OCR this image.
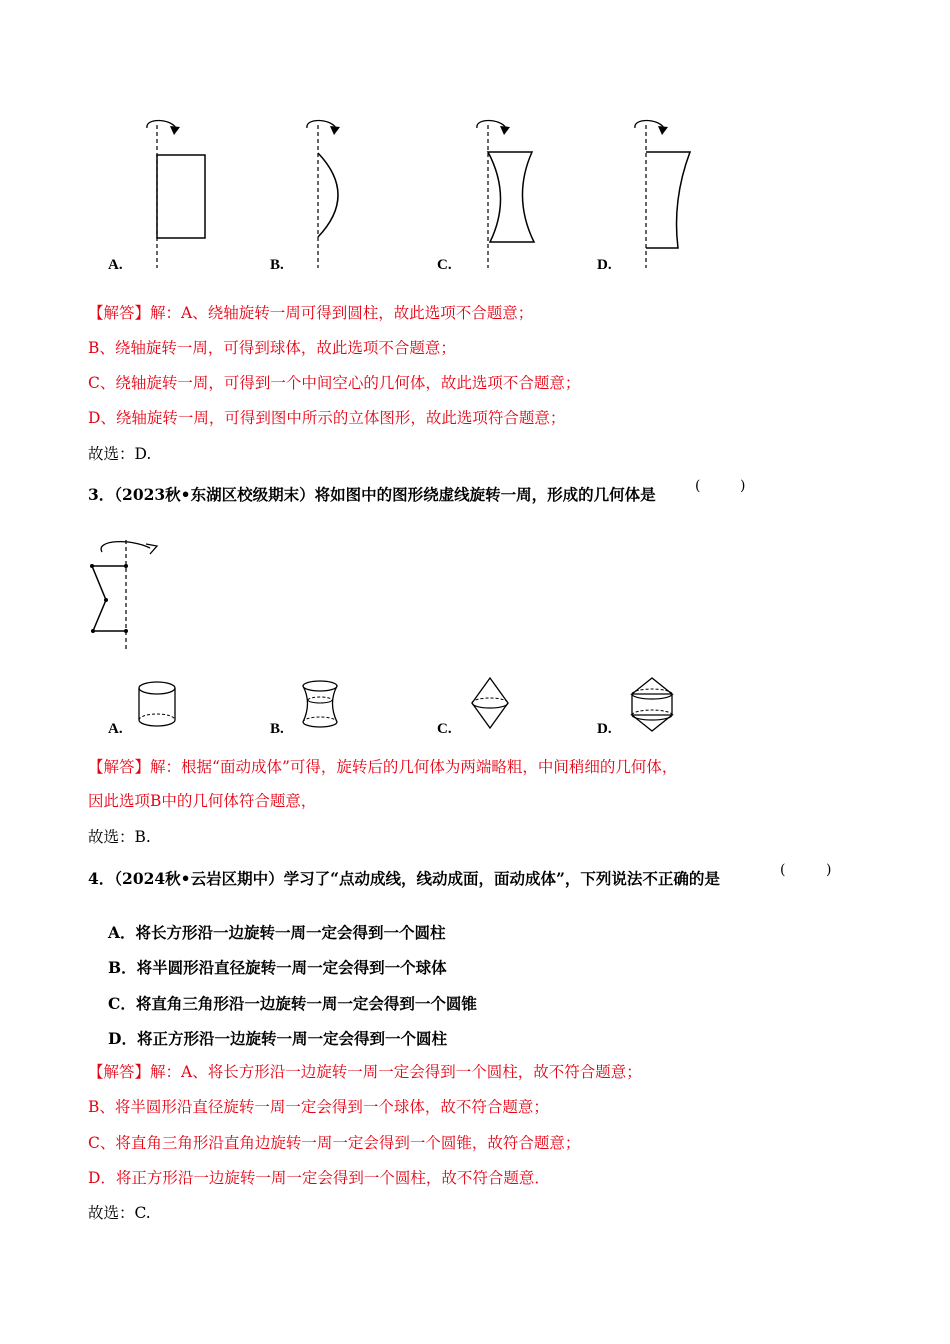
A.	B.	C.	D.
【解答】解：A、绕轴旋转一周可得到圆柱，故此选项不合题意；
B、绕轴旋转一周，可得到球体，故此选项不合题意；
C、绕轴旋转一周，可得到一个中间空心的几何体，故此选项不合题意；
D、绕轴旋转一周，可得到图中所示的立体图形，故此选项符合题意；
故选：D.
3．（2023秋•东湖区校级期末）将如图中的图形绕虚线旋转一周，形成的几何体是	(	)
A.	B.	C.	D.
【解答】解：根据“面动成体”可得，旋转后的几何体为两端略粗，中间稍细的几何体，
因此选项B中的几何体符合题意，
故选：B.
4．（2024秋•云岩区期中）学习了“点动成线，线动成面，面动成体”，下列说法不正确的是	(	)
A．将长方形沿一边旋转一周一定会得到一个圆柱
B．将半圆形沿直径旋转一周一定会得到一个球体
C．将直角三角形沿一边旋转一周一定会得到一个圆锥
D．将正方形沿一边旋转一周一定会得到一个圆柱
【解答】解：A、将长方形沿一边旋转一周一定会得到一个圆柱，故不符合题意；
B、将半圆形沿直径旋转一周一定会得到一个球体，故不符合题意；
C、将直角三角形沿直角边旋转一周一定会得到一个圆锥，故符合题意；
D．将正方形沿一边旋转一周一定会得到一个圆柱，故不符合题意．
故选：C.
